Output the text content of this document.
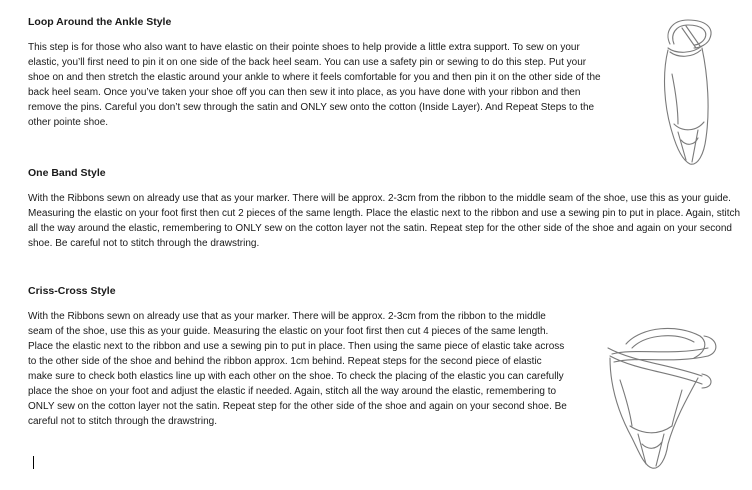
Loop Around the Ankle Style

This step is for those who also want to have elastic on their pointe shoes to help provide a little extra support. To sew on your elastic, you’ll first need to pin it on one side of the back heel seam. You can use a safety pin or sewing to do this step. Put your shoe on and then stretch the elastic around your ankle to where it feels comfortable for you and then pin it on the other side of the back heel seam. Once you’ve taken your shoe off you can then sew it into place, as you have done with your ribbon and then remove the pins. Careful you don’t sew through the satin and ONLY sew onto the cotton (Inside Layer). And Repeat Steps to the other pointe shoe.

One Band Style

With the Ribbons sewn on already use that as your marker. There will be approx. 2-3cm from the ribbon to the middle seam of the shoe, use this as your guide. Measuring the elastic on your foot first then cut 2 pieces of the same length. Place the elastic next to the ribbon and use a sewing pin to put in place. Again, stitch all the way around the elastic, remembering to ONLY sew on the cotton layer not the satin. Repeat step for the other side of the shoe and again on your second shoe. Be careful not to stitch through the drawstring.

Criss-Cross Style

With the Ribbons sewn on already use that as your marker. There will be approx. 2-3cm from the ribbon to the middle seam of the shoe, use this as your guide. Measuring the elastic on your foot first then cut 4 pieces of the same length. Place the elastic next to the ribbon and use a sewing pin to put in place. Then using the same piece of elastic take across to the other side of the shoe and behind the ribbon approx. 1cm behind. Repeat steps for the second piece of elastic make sure to check both elastics line up with each other on the shoe. To check the placing of the elastic you can carefully place the shoe on your foot and adjust the elastic if needed. Again, stitch all the way around the elastic, remembering to ONLY sew on the cotton layer not the satin. Repeat step for the other side of the shoe and again on your second shoe. Be careful not to stitch through the drawstring.
